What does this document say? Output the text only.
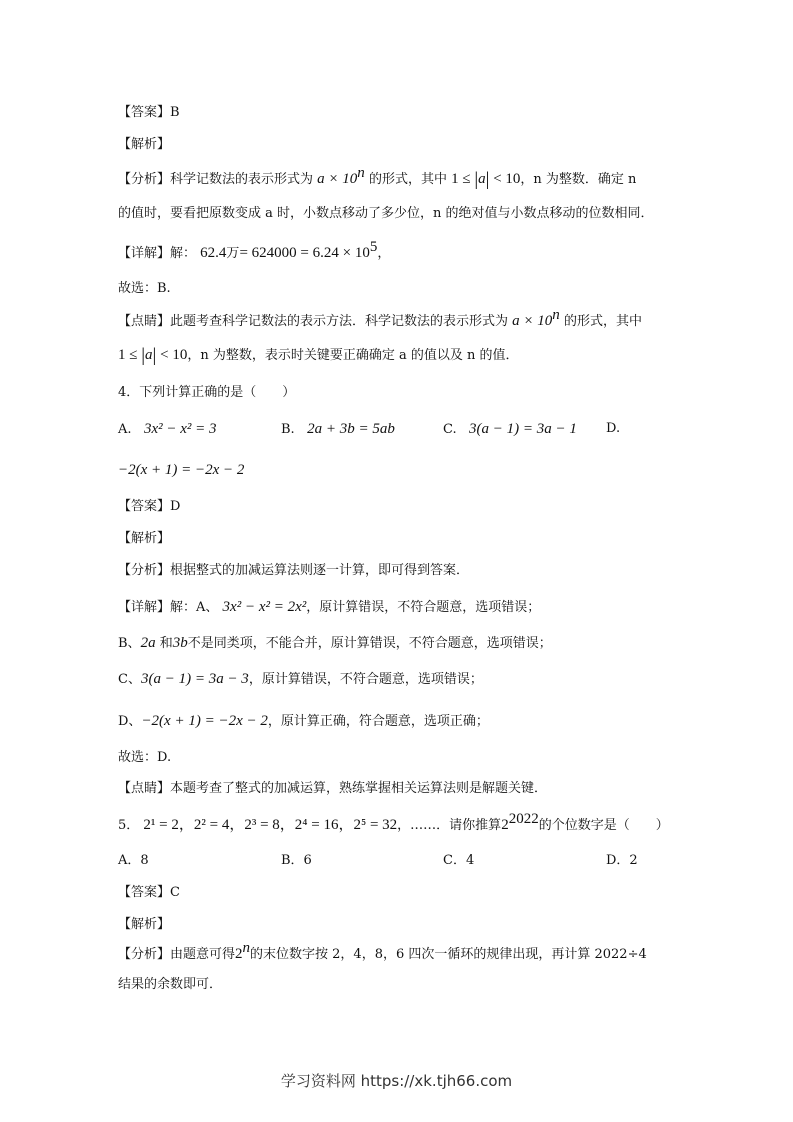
【答案】B
【解析】
【分析】科学记数法的表示形式为 $a \times 10^n$ 的形式，其中 1 ≤ |a| < 10，n 为整数．确定 n
的值时，要看把原数变成 a 时，小数点移动了多少位，n 的绝对值与小数点移动的位数相同．
【详解】解： 62.4万= $624000 = 6.24 \times 10^5$，
故选：B.
【点睛】此题考查科学记数法的表示方法．科学记数法的表示形式为 $a \times 10^n$ 的形式，其中
1 ≤ |a| < 10，n 为整数，表示时关键要正确确定 a 的值以及 n 的值．
4．下列计算正确的是（　　）
A. 3x² − x² = 3	B. 2a + 3b = 5ab	C. 3(a − 1) = 3a − 1 D.
−2(x + 1) = −2x − 2
【答案】D
【解析】
【分析】根据整式的加减运算法则逐一计算，即可得到答案．
【详解】解：A、 3x² − x² = 2x²，原计算错误，不符合题意，选项错误；
B、2a 和3b不是同类项，不能合并，原计算错误，不符合题意，选项错误；
C、3(a − 1) = 3a − 3，原计算错误，不符合题意，选项错误；
D、−2(x + 1) = −2x − 2，原计算正确，符合题意，选项正确；
故选：D.
【点睛】本题考查了整式的加减运算，熟练掌握相关运算法则是解题关键．
5． 2¹ = 2，2² = 4，2³ = 8，2⁴ = 16，2⁵ = 32，……．请你推算$2^{2022}$的个位数字是（　　）
A．8	B．6	C．4	D．2
【答案】C
【解析】
【分析】由题意可得2$^n$的末位数字按 2，4，8，6 四次一循环的规律出现，再计算 2022÷4
结果的余数即可．
学习资料网 https://xk.tjh66.com
